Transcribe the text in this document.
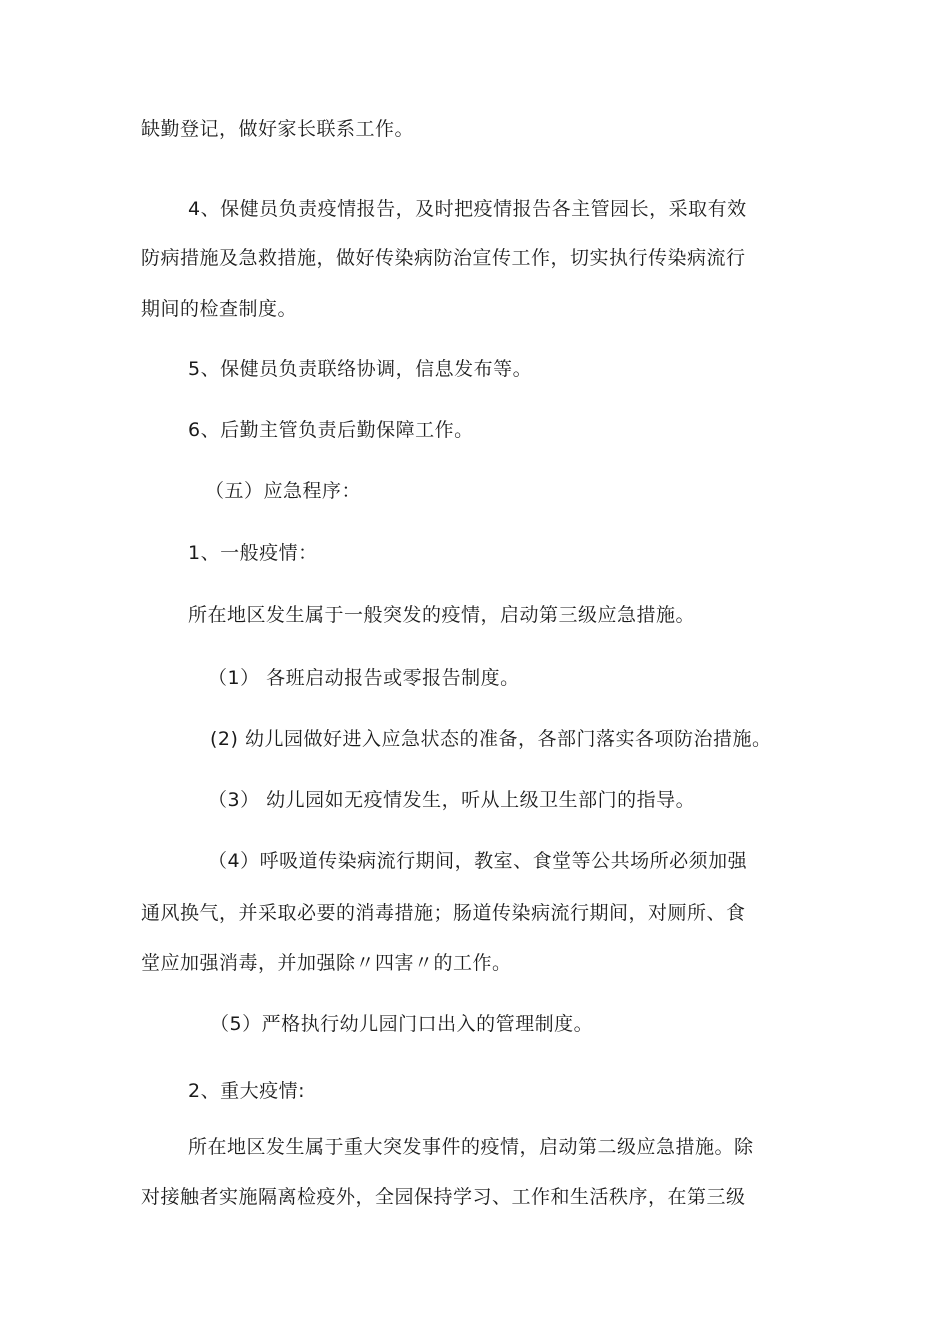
缺勤登记，做好家长联系工作。
4、保健员负责疫情报告，及时把疫情报告各主管园长，采取有效
防病措施及急救措施，做好传染病防治宣传工作，切实执行传染病流行
期间的检查制度。
5、保健员负责联络协调，信息发布等。
6、后勤主管负责后勤保障工作。
（五）应急程序：
1、一般疫情：
所在地区发生属于一般突发的疫情，启动第三级应急措施。
（1） 各班启动报告或零报告制度。
(2) 幼儿园做好进入应急状态的准备，各部门落实各项防治措施。
（3） 幼儿园如无疫情发生，听从上级卫生部门的指导。
（4）呼吸道传染病流行期间，教室、食堂等公共场所必须加强
通风换气，并采取必要的消毒措施；肠道传染病流行期间，对厕所、食
堂应加强消毒，并加强除〃四害〃的工作。
（5）严格执行幼儿园门口出入的管理制度。
2、重大疫情:
所在地区发生属于重大突发事件的疫情，启动第二级应急措施。除
对接触者实施隔离检疫外，全园保持学习、工作和生活秩序，在第三级
